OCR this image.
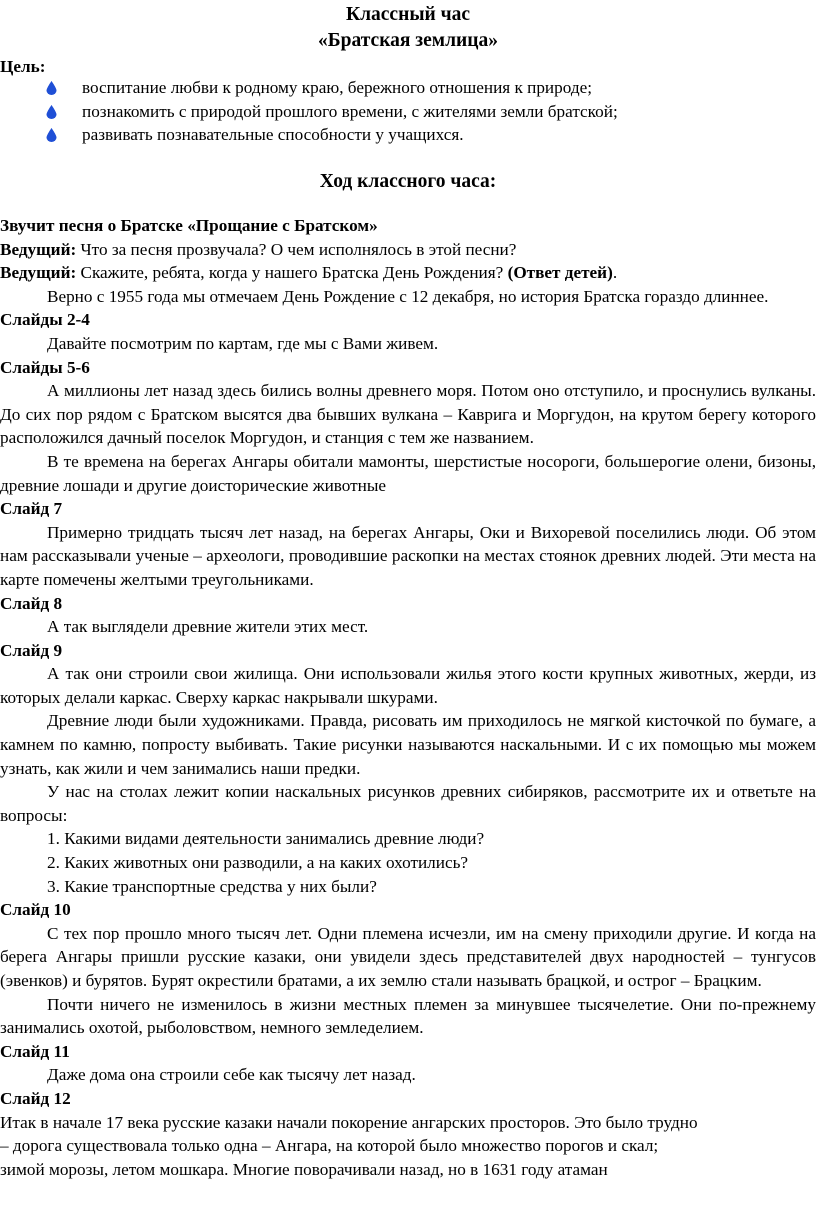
Классный час
«Братская землица»
Цель:
воспитание любви к родному краю, бережного отношения к природе;
познакомить с природой прошлого времени, с жителями земли братской;
развивать познавательные способности у учащихся.
Ход классного часа:

Звучит песня о Братске «Прощание с Братском»

Ведущий: Что за песня прозвучала? О чем исполнялось в этой песни?

Ведущий: Скажите, ребята, когда у нашего Братска День Рождения? (Ответ детей).

Верно с 1955 года мы отмечаем День Рождение с 12 декабря, но история Братска гораздо длиннее.

Слайды 2-4

Давайте посмотрим по картам, где мы с Вами живем.

Слайды 5-6

А миллионы лет назад здесь бились волны древнего моря. Потом оно отступило, и проснулись вулканы. До сих пор рядом с Братском высятся два бывших вулкана – Каврига и Моргудон, на крутом берегу которого расположился дачный поселок Моргудон, и станция с тем же названием.

В те времена на берегах Ангары обитали мамонты, шерстистые носороги, большерогие олени, бизоны, древние лошади и другие доисторические животные

Слайд 7

Примерно тридцать тысяч лет назад, на берегах Ангары, Оки и Вихоревой поселились люди. Об этом нам рассказывали ученые – археологи, проводившие раскопки на местах стоянок древних людей. Эти места на карте помечены желтыми треугольниками.

Слайд 8

А так выглядели древние жители этих мест.

Слайд 9

А так они строили свои жилища. Они использовали жилья этого кости крупных животных, жерди, из которых делали каркас. Сверху каркас накрывали шкурами.

Древние люди были художниками. Правда, рисовать им приходилось не мягкой кисточкой по бумаге, а камнем по камню, попросту выбивать. Такие рисунки называются наскальными. И с их помощью мы можем узнать, как жили и чем занимались наши предки.

У нас на столах лежит копии наскальных рисунков древних сибиряков, рассмотрите их и ответьте на вопросы:

1. Какими видами деятельности занимались древние люди?

2. Каких животных они разводили, а на каких охотились?

3. Какие транспортные средства у них были?

Слайд 10

С тех пор прошло много тысяч лет. Одни племена исчезли, им на смену приходили другие. И когда на берега Ангары пришли русские казаки, они увидели здесь представителей двух народностей – тунгусов (эвенков) и бурятов. Бурят окрестили братами, а их землю стали называть брацкой, и острог – Брацким.

Почти ничего не изменилось в жизни местных племен за минувшее тысячелетие. Они по-прежнему занимались охотой, рыболовством, немного земледелием.

Слайд 11

Даже дома она строили себе как тысячу лет назад.

Слайд 12

Итак в начале 17 века русские казаки начали покорение ангарских просторов. Это было трудно

– дорога существовала только одна – Ангара, на которой было множество порогов и скал;

зимой морозы, летом мошкара. Многие поворачивали назад, но в 1631 году атаман
